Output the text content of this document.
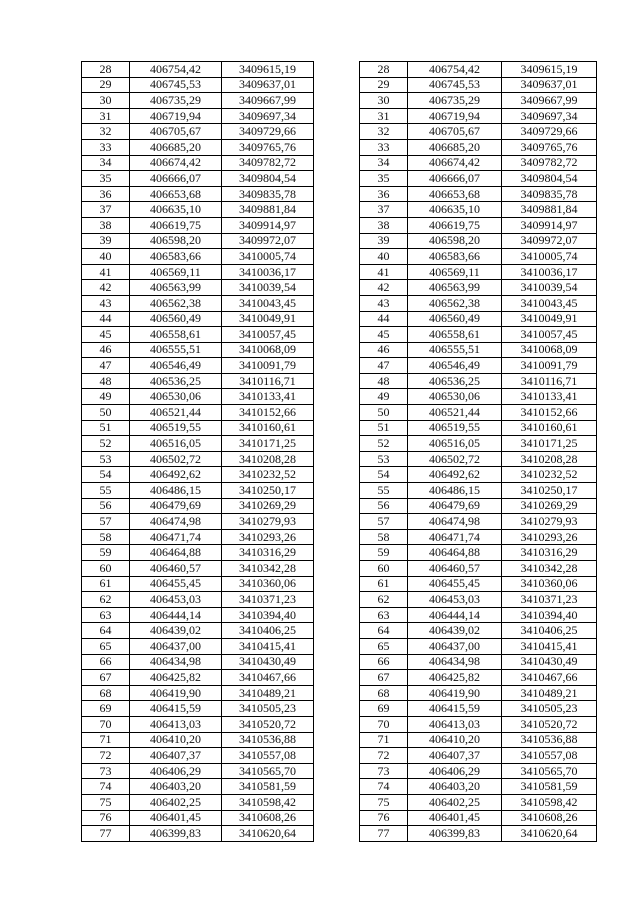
28	406754,42	3409615,19		28	406754,42	3409615,19
29	406745,53	3409637,01		29	406745,53	3409637,01
30	406735,29	3409667,99		30	406735,29	3409667,99
31	406719,94	3409697,34		31	406719,94	3409697,34
32	406705,67	3409729,66		32	406705,67	3409729,66
33	406685,20	3409765,76		33	406685,20	3409765,76
34	406674,42	3409782,72		34	406674,42	3409782,72
35	406666,07	3409804,54		35	406666,07	3409804,54
36	406653,68	3409835,78		36	406653,68	3409835,78
37	406635,10	3409881,84		37	406635,10	3409881,84
38	406619,75	3409914,97		38	406619,75	3409914,97
39	406598,20	3409972,07		39	406598,20	3409972,07
40	406583,66	3410005,74		40	406583,66	3410005,74
41	406569,11	3410036,17		41	406569,11	3410036,17
42	406563,99	3410039,54		42	406563,99	3410039,54
43	406562,38	3410043,45		43	406562,38	3410043,45
44	406560,49	3410049,91		44	406560,49	3410049,91
45	406558,61	3410057,45		45	406558,61	3410057,45
46	406555,51	3410068,09		46	406555,51	3410068,09
47	406546,49	3410091,79		47	406546,49	3410091,79
48	406536,25	3410116,71		48	406536,25	3410116,71
49	406530,06	3410133,41		49	406530,06	3410133,41
50	406521,44	3410152,66		50	406521,44	3410152,66
51	406519,55	3410160,61		51	406519,55	3410160,61
52	406516,05	3410171,25		52	406516,05	3410171,25
53	406502,72	3410208,28		53	406502,72	3410208,28
54	406492,62	3410232,52		54	406492,62	3410232,52
55	406486,15	3410250,17		55	406486,15	3410250,17
56	406479,69	3410269,29		56	406479,69	3410269,29
57	406474,98	3410279,93		57	406474,98	3410279,93
58	406471,74	3410293,26		58	406471,74	3410293,26
59	406464,88	3410316,29		59	406464,88	3410316,29
60	406460,57	3410342,28		60	406460,57	3410342,28
61	406455,45	3410360,06		61	406455,45	3410360,06
62	406453,03	3410371,23		62	406453,03	3410371,23
63	406444,14	3410394,40		63	406444,14	3410394,40
64	406439,02	3410406,25		64	406439,02	3410406,25
65	406437,00	3410415,41		65	406437,00	3410415,41
66	406434,98	3410430,49		66	406434,98	3410430,49
67	406425,82	3410467,66		67	406425,82	3410467,66
68	406419,90	3410489,21		68	406419,90	3410489,21
69	406415,59	3410505,23		69	406415,59	3410505,23
70	406413,03	3410520,72		70	406413,03	3410520,72
71	406410,20	3410536,88		71	406410,20	3410536,88
72	406407,37	3410557,08		72	406407,37	3410557,08
73	406406,29	3410565,70		73	406406,29	3410565,70
74	406403,20	3410581,59		74	406403,20	3410581,59
75	406402,25	3410598,42		75	406402,25	3410598,42
76	406401,45	3410608,26		76	406401,45	3410608,26
77	406399,83	3410620,64		77	406399,83	3410620,64
